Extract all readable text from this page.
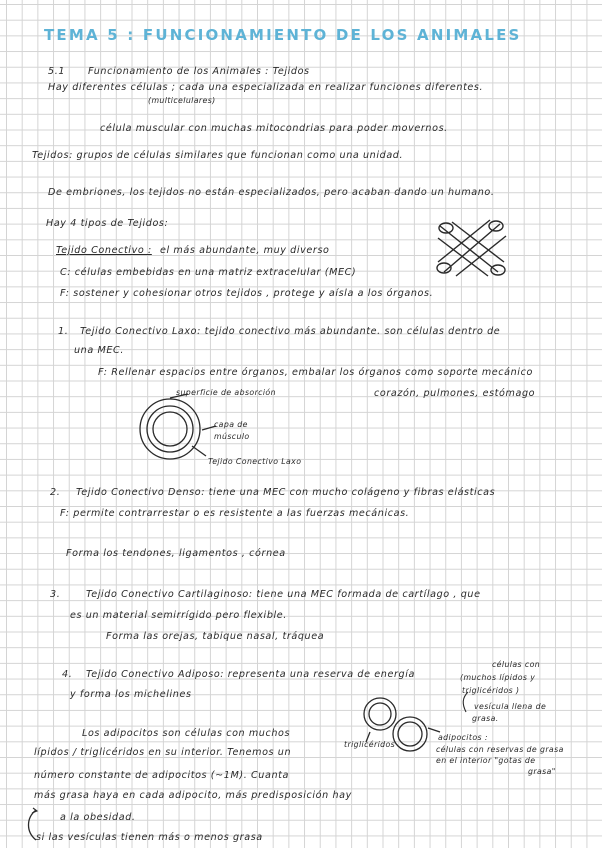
TEMA 5 : FUNCIONAMIENTO DE LOS ANIMALES
5.1 Funcionamiento de los Animales : Tejidos
Hay diferentes células ; cada una especializada en realizar funciones diferentes.
(multicelulares)
célula muscular con muchas mitocondrias para poder movernos.
Tejidos: grupos de células similares que funcionan como una unidad.
De embriones, los tejidos no están especializados, pero acaban dando un humano.
Hay 4 tipos de Tejidos:
Tejido Conectivo : el más abundante, muy diverso
C: células embebidas en una matriz extracelular (MEC)
F: sostener y cohesionar otros tejidos , protege y aísla a los órganos.
1. Tejido Conectivo Laxo: tejido conectivo más abundante. son células dentro de
una MEC.
F: Rellenar espacios entre órganos, embalar los órganos como soporte mecánico
corazón, pulmones, estómago
superficie de absorción
capa de
músculo
Tejido Conectivo Laxo
2. Tejido Conectivo Denso: tiene una MEC con mucho colágeno y fibras elásticas
F: permite contrarrestar o es resistente a las fuerzas mecánicas.
Forma los tendones, ligamentos , córnea
3.	Tejido Conectivo Cartilaginoso: tiene una MEC formada de cartílago , que
es un material semirrígido pero flexible.
Forma las orejas, tabique nasal, tráquea
4. Tejido Conectivo Adiposo: representa una reserva de energía
y forma los michelines
Los adipocitos son células con muchos
lípidos / triglicéridos en su interior. Tenemos un
número constante de adipocitos (~1M). Cuanta
más grasa haya en cada adipocito, más predisposición hay
a la obesidad.
si las vesículas tienen más o menos grasa
células con
(muchos lípidos y
triglicéridos )
vesícula llena de
grasa.
triglicéridos
adipocitos :
células con reservas de grasa
en el interior "gotas de
grasa"
